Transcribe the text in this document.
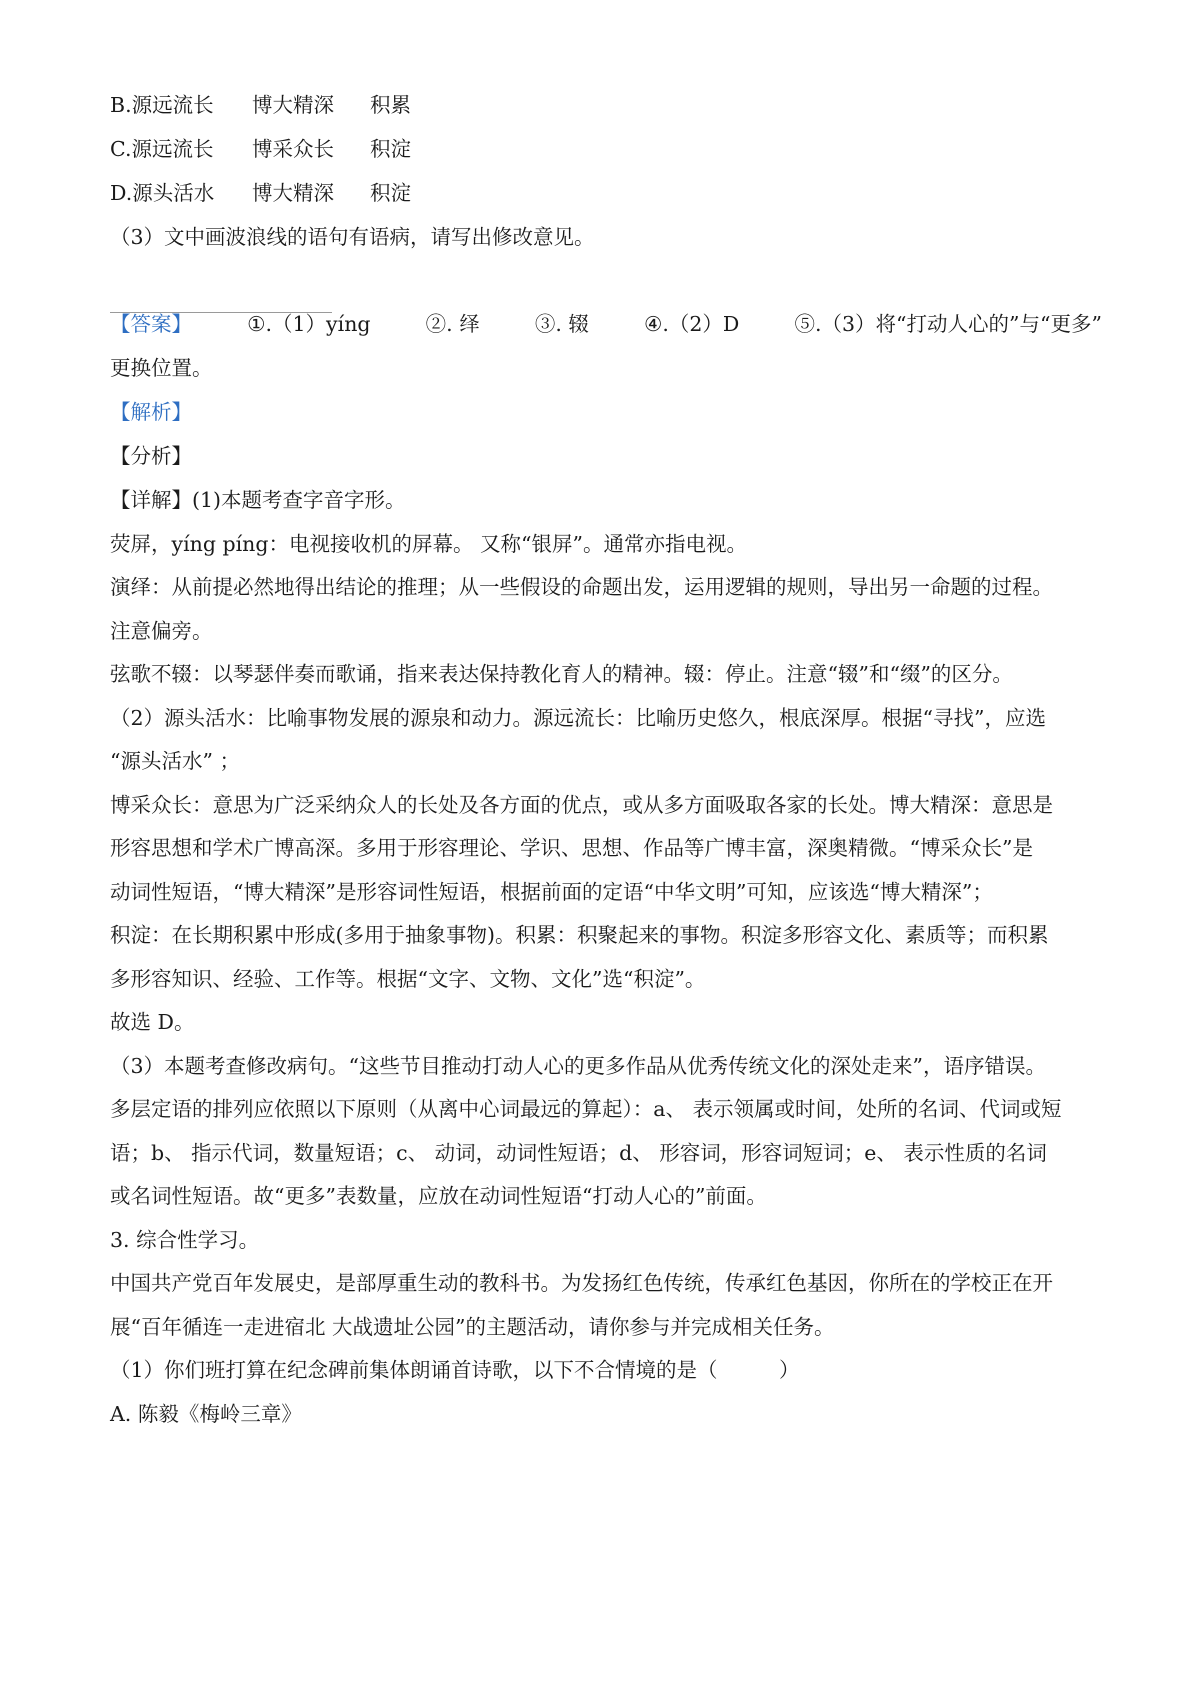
B.源远流长 博大精深 积累
C.源远流长 博采众长 积淀
D.源头活水 博大精深 积淀
（3）文中画波浪线的语句有语病，请写出修改意见。
【答案】	①.（1）yíng	②. 绎	③. 辍	④.（2）D	⑤.（3）将“打动人心的”与“更多”
更换位置。
【解析】
【分析】
【详解】(1)本题考查字音字形。
荧屏，yíng píng：电视接收机的屏幕。 又称“银屏”。通常亦指电视。
演绎：从前提必然地得出结论的推理；从一些假设的命题出发，运用逻辑的规则，导出另一命题的过程。
注意偏旁。
弦歌不辍：以琴瑟伴奏而歌诵，指来表达保持教化育人的精神。辍：停止。注意“辍”和“缀”的区分。
（2）源头活水：比喻事物发展的源泉和动力。源远流长：比喻历史悠久，根底深厚。根据“寻找”，应选
“源头活水” ；
博采众长：意思为广泛采纳众人的长处及各方面的优点，或从多方面吸取各家的长处。博大精深：意思是
形容思想和学术广博高深。多用于形容理论、学识、思想、作品等广博丰富，深奥精微。“博采众长”是
动词性短语，“博大精深”是形容词性短语，根据前面的定语“中华文明”可知，应该选“博大精深”；
积淀：在长期积累中形成(多用于抽象事物)。积累：积聚起来的事物。积淀多形容文化、素质等；而积累
多形容知识、经验、工作等。根据“文字、文物、文化”选“积淀”。
故选 D。
（3）本题考查修改病句。“这些节目推动打动人心的更多作品从优秀传统文化的深处走来”，语序错误。
多层定语的排列应依照以下原则（从离中心词最远的算起）：a、 表示领属或时间，处所的名词、代词或短
语；b、 指示代词，数量短语；c、 动词，动词性短语；d、 形容词，形容词短词；e、 表示性质的名词
或名词性短语。故“更多”表数量，应放在动词性短语“打动人心的”前面。
3. 综合性学习。
中国共产党百年发展史，是部厚重生动的教科书。为发扬红色传统，传承红色基因，你所在的学校正在开
展“百年循连一走进宿北 大战遗址公园”的主题活动，请你参与并完成相关任务。
（1）你们班打算在纪念碑前集体朗诵首诗歌，以下不合情境的是（　　　）
A. 陈毅《梅岭三章》
